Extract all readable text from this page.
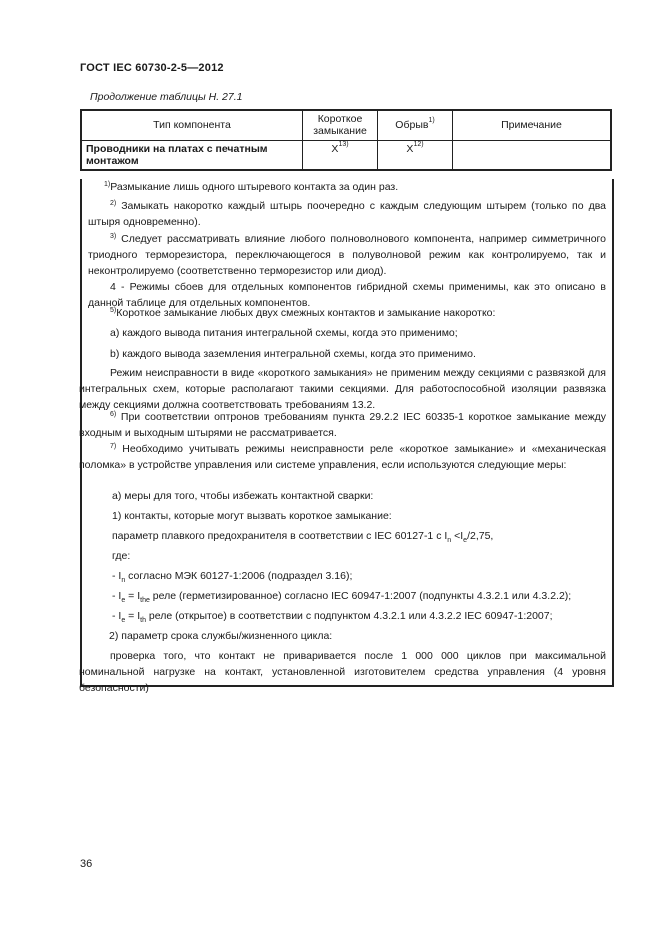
ГОСТ IEC 60730-2-5—2012
Продолжение таблицы Н. 27.1
Тип компонента	Короткое замыкание	Обрыв$^{1)}$	Примечание
Проводники на платах с печатным монтажом	$X^{13)}$	$X^{12)}$	
$^{1)}$Размыкание лишь одного штыревого контакта за один раз.
$^{2)}$ Замыкать накоротко каждый штырь поочередно с каждым следующим штырем (только по два штыря одновременно).
$^{3)}$ Следует рассматривать влияние любого полноволнового компонента, например симметричного триодного терморезистора, переключающегося в полуволновой режим как контролируемо, так и неконтролируемо (соответственно терморезистор или диод).
4 - Режимы сбоев для отдельных компонентов гибридной схемы применимы, как это описано в данной таблице для отдельных компонентов.
$^{5)}$Короткое замыкание любых двух смежных контактов и замыкание накоротко:
a) каждого вывода питания интегральной схемы, когда это применимо;
b) каждого вывода заземления интегральной схемы, когда это применимо.
Режим неисправности в виде «короткого замыкания» не применим между секциями с развязкой для интегральных схем, которые располагают такими секциями. Для работоспособной изоляции развязка между секциями должна соответствовать требованиям 13.2.
$^{6)}$ При соответствии оптронов требованиям пункта 29.2.2 IEC 60335-1 короткое замыкание между входным и выходным штырями не рассматривается.
$^{7)}$ Необходимо учитывать режимы неисправности реле «короткое замыкание» и «механическая поломка» в устройстве управления или системе управления, если используются следующие меры:
a) меры для того, чтобы избежать контактной сварки:
1) контакты, которые могут вызвать короткое замыкание:
параметр плавкого предохранителя в соответствии с IEC 60127-1 с $I_n <I_e/2,75$,
где:
- $I_n$ согласно МЭК 60127-1:2006 (подраздел 3.16);
- $I_e = I_{the}$ реле (герметизированное) согласно IEC 60947-1:2007 (подпункты 4.3.2.1 или 4.3.2.2);
- $I_e = I_{th}$ реле (открытое) в соответствии с подпунктом 4.3.2.1 или 4.3.2.2 IEC 60947-1:2007;
2) параметр срока службы/жизненного цикла:
проверка того, что контакт не приваривается после 1 000 000 циклов при максимальной номинальной нагрузке на контакт, установленной изготовителем средства управления (4 уровня безопасности)
36
